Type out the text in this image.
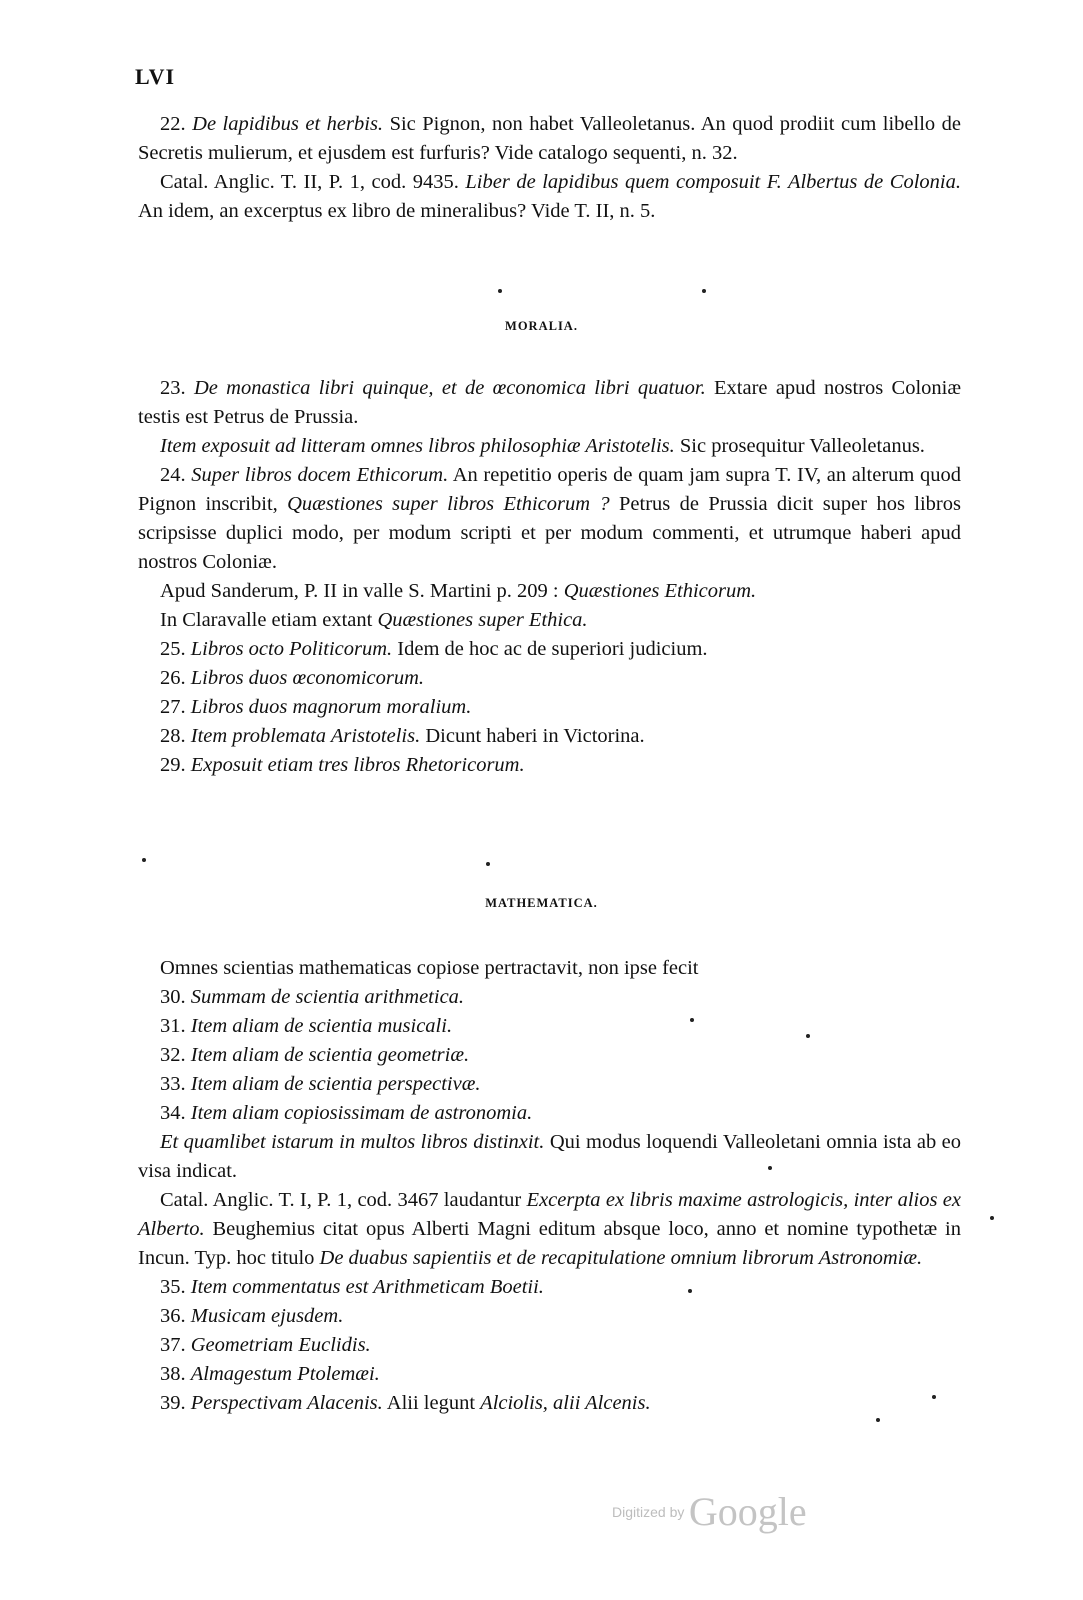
LVI

22. De lapidibus et herbis. Sic Pignon, non habet Valleoletanus. An quod prodiit cum libello de Secretis mulierum, et ejusdem est furfuris? Vide catalogo sequenti, n. 32.

Catal. Anglic. T. II, P. 1, cod. 9435. Liber de lapidibus quem composuit F. Albertus de Colonia. An idem, an excerptus ex libro de mineralibus? Vide T. II, n. 5.

MORALIA.

23. De monastica libri quinque, et de œconomica libri quatuor. Extare apud nostros Coloniæ testis est Petrus de Prussia.

Item exposuit ad litteram omnes libros philosophiæ Aristotelis. Sic prosequitur Valleoletanus.

24. Super libros docem Ethicorum. An repetitio operis de quam jam supra T. IV, an alterum quod Pignon inscribit, Quæstiones super libros Ethicorum ? Petrus de Prussia dicit super hos libros scripsisse duplici modo, per modum scripti et per modum commenti, et utrumque haberi apud nostros Coloniæ.

Apud Sanderum, P. II in valle S. Martini p. 209 : Quæstiones Ethicorum.

In Claravalle etiam extant Quæstiones super Ethica.

25. Libros octo Politicorum. Idem de hoc ac de superiori judicium.

26. Libros duos œconomicorum.

27. Libros duos magnorum moralium.

28. Item problemata Aristotelis. Dicunt haberi in Victorina.

29. Exposuit etiam tres libros Rhetoricorum.

MATHEMATICA.

Omnes scientias mathematicas copiose pertractavit, non ipse fecit

30. Summam de scientia arithmetica.

31. Item aliam de scientia musicali.

32. Item aliam de scientia geometriæ.

33. Item aliam de scientia perspectivæ.

34. Item aliam copiosissimam de astronomia.

Et quamlibet istarum in multos libros distinxit. Qui modus loquendi Valleoletani omnia ista ab eo visa indicat.

Catal. Anglic. T. I, P. 1, cod. 3467 laudantur Excerpta ex libris maxime astrologicis, inter alios ex Alberto. Beughemius citat opus Alberti Magni editum absque loco, anno et nomine typothetæ in Incun. Typ. hoc titulo De duabus sapientiis et de recapitulatione omnium librorum Astronomiæ.

35. Item commentatus est Arithmeticam Boetii.

36. Musicam ejusdem.

37. Geometriam Euclidis.

38. Almagestum Ptolemæi.

39. Perspectivam Alacenis. Alii legunt Alciolis, alii Alcenis.

Digitized by Google
